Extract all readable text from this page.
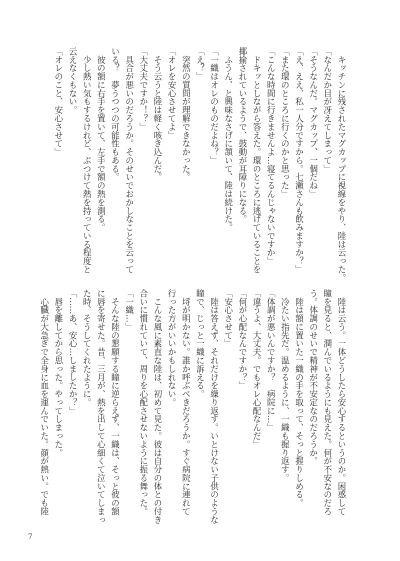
　キッチンに残されたマグカップに視線をやり、陸は云った。
「なんだか目が冴えてしまって」
「そうなんだ。マグカップ、一個だね」
「え、ええ、私一人分ですから。七瀬さんも飲みますか？」
「また環のところに行くのかと思った」
「こんな時間に行きませんよ…寝てるんじゃないですか」
　ドキッとしながら答えた。環のところに逃げていることを
揶揄されているようで、鼓動が耳障りになる。
　ふうん、と興味なさげに頷いて、陸は続けた。
「一織はオレのものだよね？」
「え？」
　突然の質問が理解できなかった。
「オレを安心させてよ」
　そう云うと陸は軽く咳き込んだ。
「大丈夫ですか！？」
　具合が悪いのだろうか。そのせいでおかしなことを云って
いる？　夢うつつの可能性もある。
　彼の額に右手を置いて、左手で額の熱を測る。
　少し熱い気もするけれど、ぶつけて熱を持っている程度と
云えなくもない。
「オレのこと、安心させて」
　陸は云う。一体どうしたら安心するというのか。困惑して
瞳を見ると、潤んでいるようにも見えた。何が不安なのだろ
う。体調のせいで精神が不安定なのだろうか。
　陸は額に置いた一織の手を取って、そっと握りしめる。
　冷たい指先だ。温めるように、一織も握り返す。
「体調が悪いんですか？　病院に…」
「違うよ、大丈夫。でもオレ心配なんだ」
「何が心配なんですか？」
「安心させて」
　陸は答えず、それだけを繰り返す。いとけない子供のような
瞳で、じっと一織に訴える。
　埒が明かない。誰か呼ぶべきだろうか。すぐ病院に連れて
行った方がいいかもしれない。
　こんな風に素直な陸は、初めて見た。彼は自分の体との付き
合いに慣れていて、周りを心配させないように振る舞った。
「一織…」
　そんな陸の懇願する瞳に逆らえず、一織は、そっと彼の額
に唇を寄せた。昔、三月が、熱を出して心細くて泣いてしまっ
た時、そうしてくれたように。
「……あ、安心…しましたか？」
　唇を離してから思った。やってしまった。
　心臓が大急ぎで全身に血を運んでいた。顔が熱い。でも陸
7
